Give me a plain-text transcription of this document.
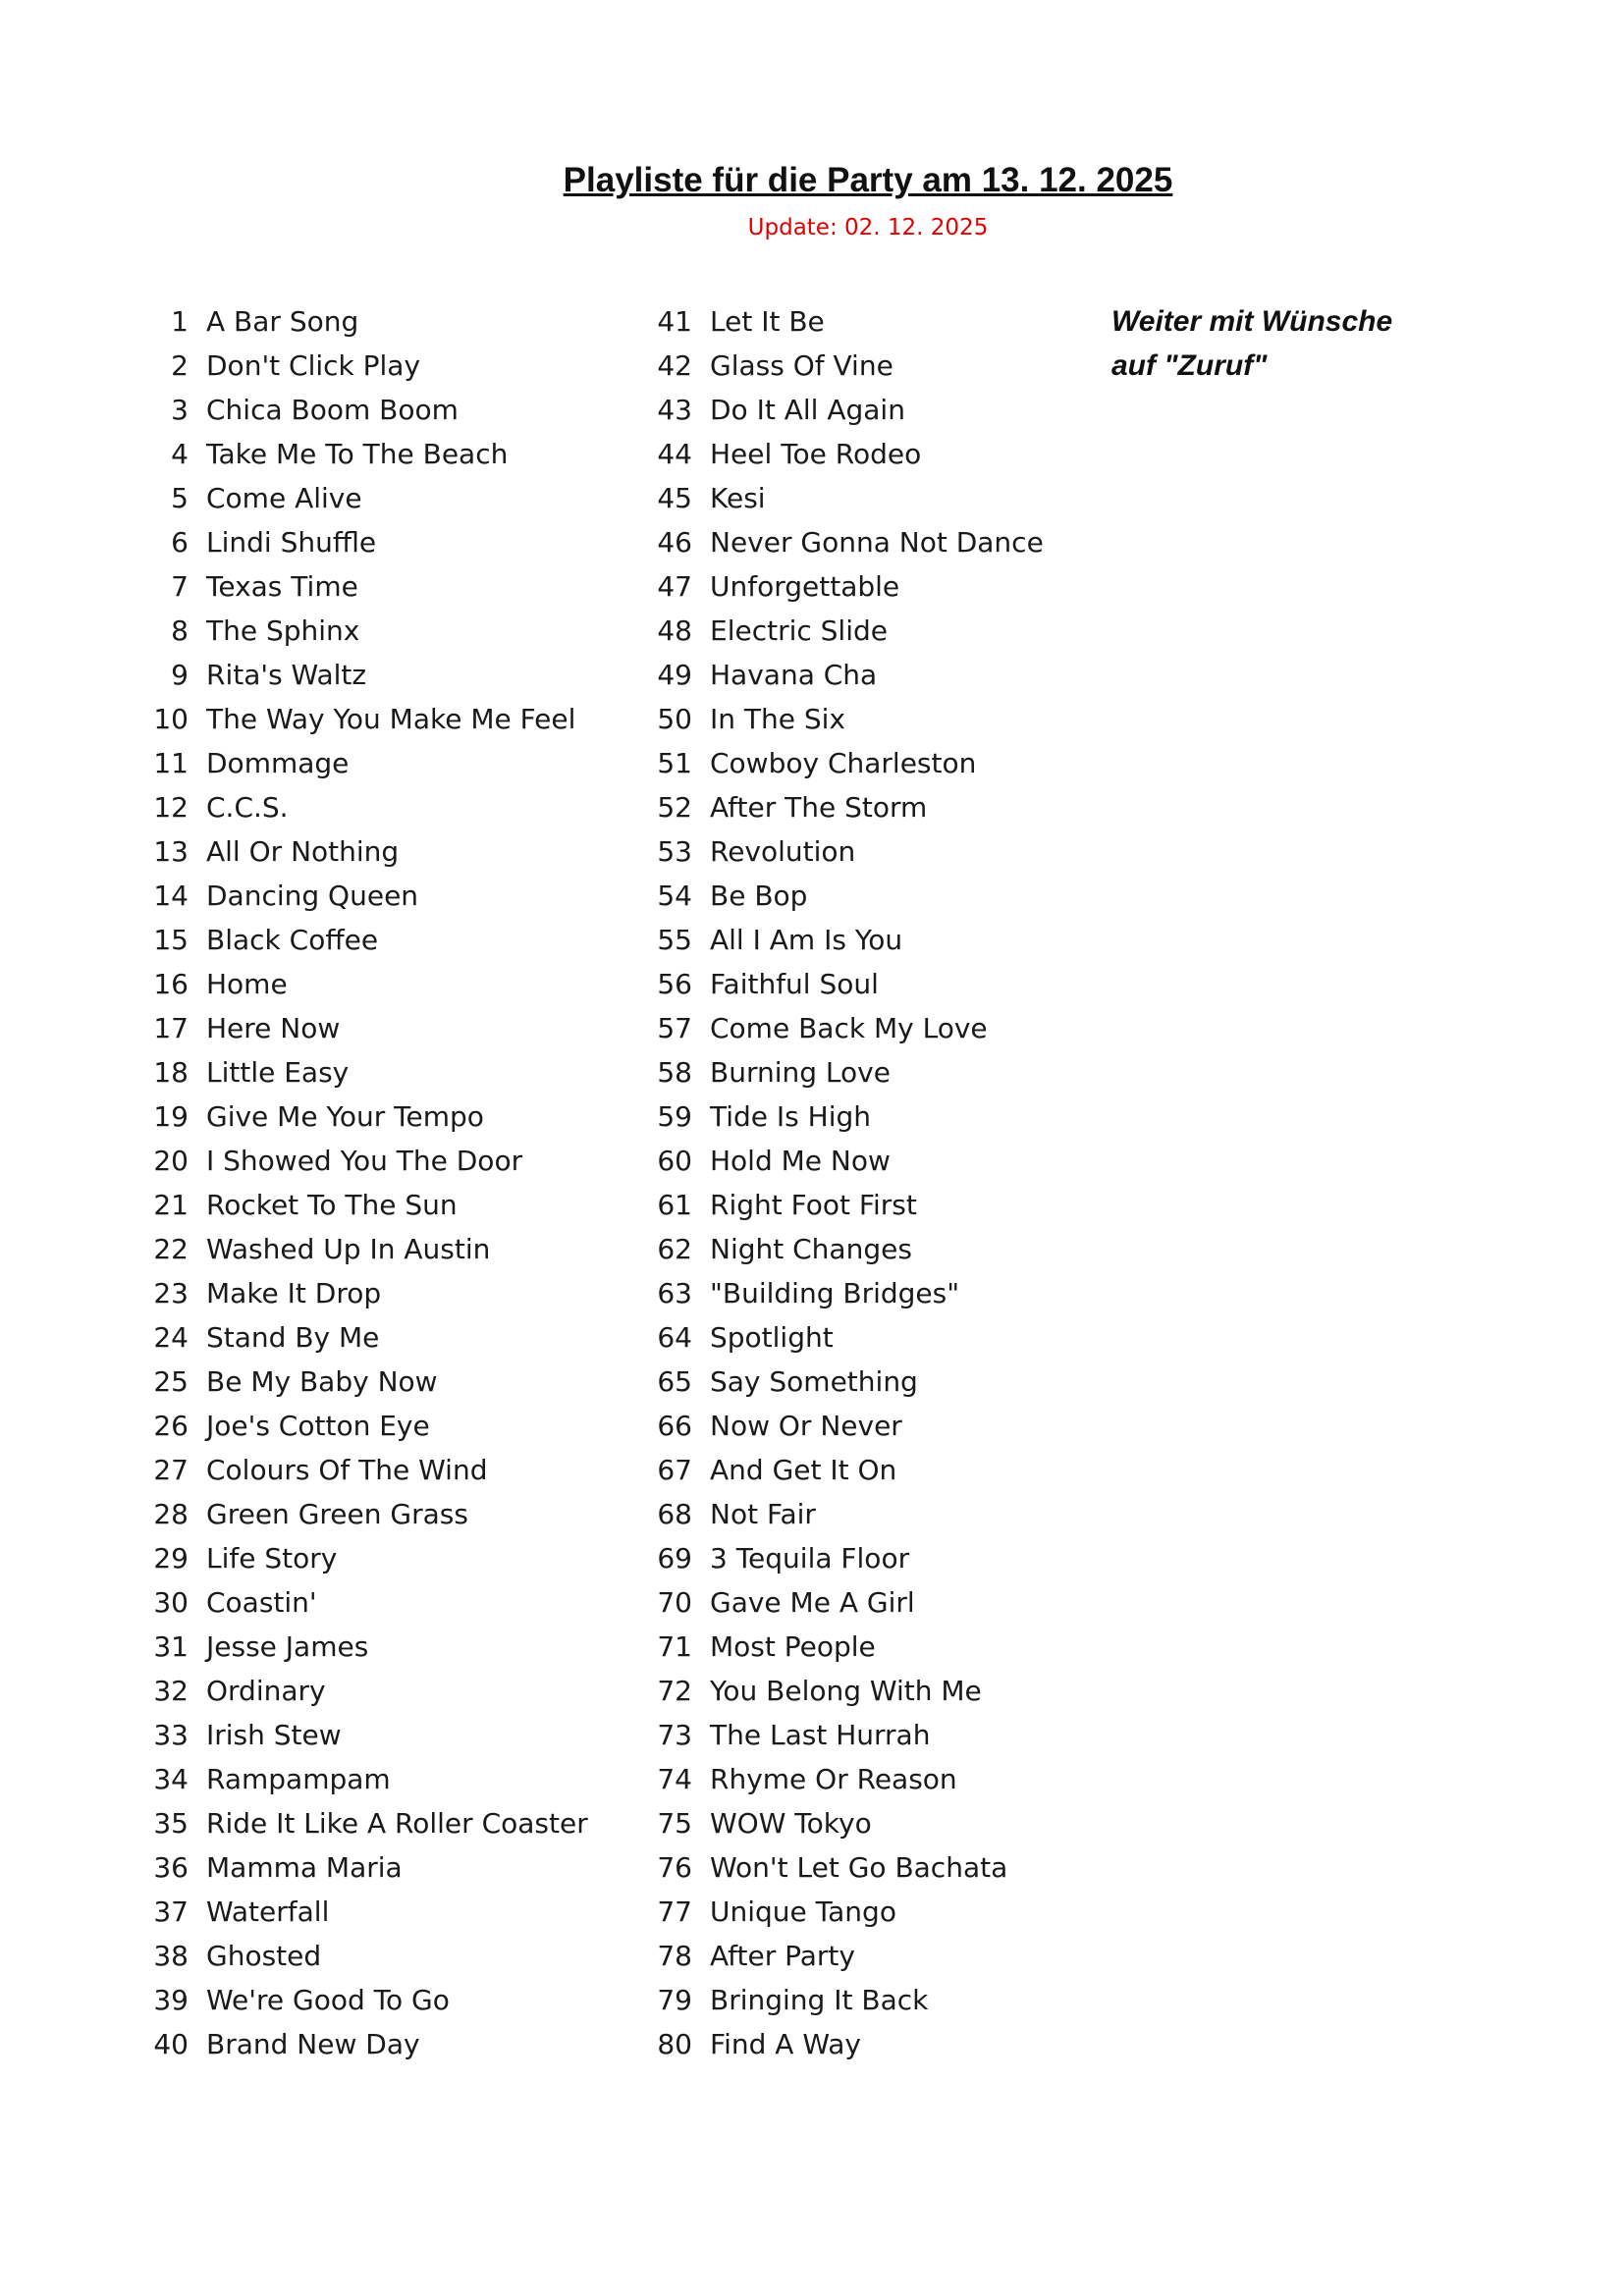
Playliste für die Party am 13. 12. 2025
Update: 02. 12. 2025
1 A Bar Song
2 Don't Click Play
3 Chica Boom Boom
4 Take Me To The Beach
5 Come Alive
6 Lindi Shuffle
7 Texas Time
8 The Sphinx
9 Rita's Waltz
10 The Way You Make Me Feel
11 Dommage
12 C.C.S.
13 All Or Nothing
14 Dancing Queen
15 Black Coffee
16 Home
17 Here Now
18 Little Easy
19 Give Me Your Tempo
20 I Showed You The Door
21 Rocket To The Sun
22 Washed Up In Austin
23 Make It Drop
24 Stand By Me
25 Be My Baby Now
26 Joe's Cotton Eye
27 Colours Of The Wind
28 Green Green Grass
29 Life Story
30 Coastin'
31 Jesse James
32 Ordinary
33 Irish Stew
34 Rampampam
35 Ride It Like A Roller Coaster
36 Mamma Maria
37 Waterfall
38 Ghosted
39 We're Good To Go
40 Brand New Day
41 Let It Be
42 Glass Of Vine
43 Do It All Again
44 Heel Toe Rodeo
45 Kesi
46 Never Gonna Not Dance
47 Unforgettable
48 Electric Slide
49 Havana Cha
50 In The Six
51 Cowboy Charleston
52 After The Storm
53 Revolution
54 Be Bop
55 All I Am Is You
56 Faithful Soul
57 Come Back My Love
58 Burning Love
59 Tide Is High
60 Hold Me Now
61 Right Foot First
62 Night Changes
63 "Building Bridges"
64 Spotlight
65 Say Something
66 Now Or Never
67 And Get It On
68 Not Fair
69 3 Tequila Floor
70 Gave Me A Girl
71 Most People
72 You Belong With Me
73 The Last Hurrah
74 Rhyme Or Reason
75 WOW Tokyo
76 Won't Let Go Bachata
77 Unique Tango
78 After Party
79 Bringing It Back
80 Find A Way
Weiter mit Wünsche
auf "Zuruf"
